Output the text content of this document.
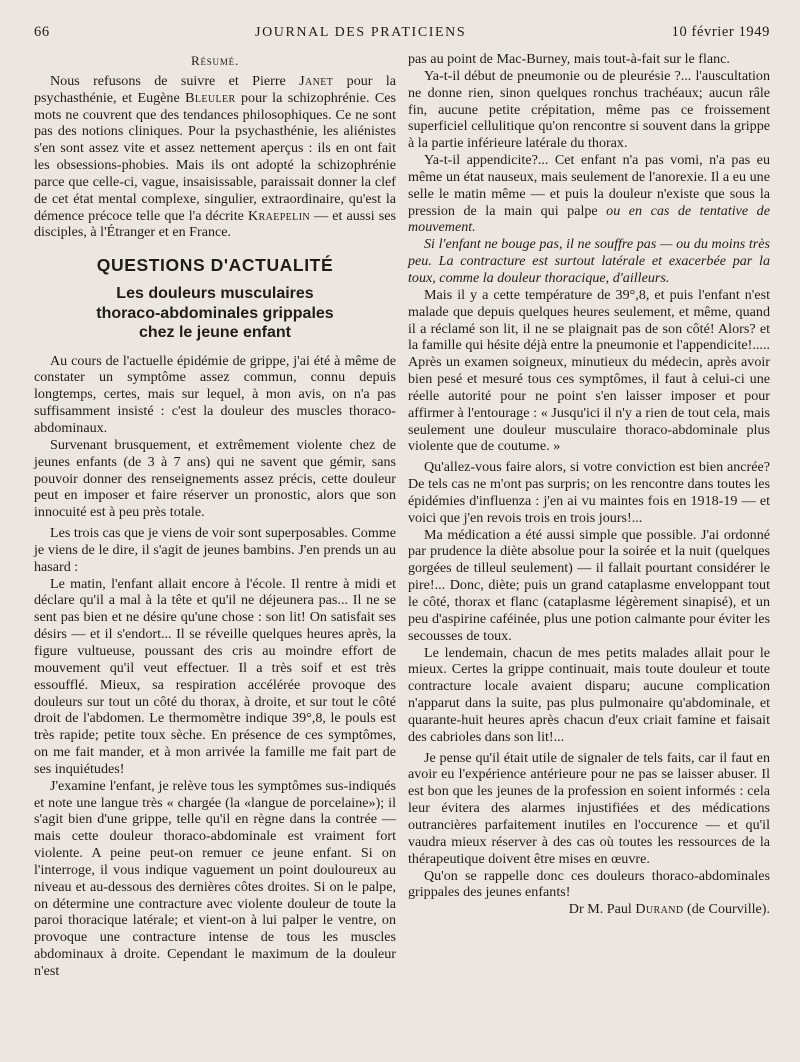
66	JOURNAL DES PRATICIENS	10 février 1949
Résumé.

Nous refusons de suivre et Pierre Janet pour la psychasthénie, et Eugène Bleuler pour la schizophrénie. Ces mots ne couvrent que des tendances philosophiques. Ce ne sont pas des notions cliniques. Pour la psychasthénie, les aliénistes s'en sont assez vite et assez nettement aperçus : ils en ont fait les obsessions-phobies. Mais ils ont adopté la schizophrénie parce que celle-ci, vague, insaisissable, paraissait donner la clef de cet état mental complexe, singulier, extraordinaire, qu'est la démence précoce telle que l'a décrite Kraepelin — et aussi ses disciples, à l'Étranger et en France.

QUESTIONS D'ACTUALITÉ
Les douleurs musculaires
thoraco-abdominales grippales
chez le jeune enfant

Au cours de l'actuelle épidémie de grippe, j'ai été à même de constater un symptôme assez commun, connu depuis longtemps, certes, mais sur lequel, à mon avis, on n'a pas suffisamment insisté : c'est la douleur des muscles thoraco-abdominaux.

Survenant brusquement, et extrêmement violente chez de jeunes enfants (de 3 à 7 ans) qui ne savent que gémir, sans pouvoir donner des renseignements assez précis, cette douleur peut en imposer et faire réserver un pronostic, alors que son innocuité est à peu près totale.

Les trois cas que je viens de voir sont superposables. Comme je viens de le dire, il s'agit de jeunes bambins. J'en prends un au hasard :

Le matin, l'enfant allait encore à l'école. Il rentre à midi et déclare qu'il a mal à la tête et qu'il ne déjeunera pas... Il ne se sent pas bien et ne désire qu'une chose : son lit! On satisfait ses désirs — et il s'endort... Il se réveille quelques heures après, la figure vultueuse, poussant des cris au moindre effort de mouvement qu'il veut effectuer. Il a très soif et est très essoufflé. Mieux, sa respiration accélérée provoque des douleurs sur tout un côté du thorax, à droite, et sur tout le côté droit de l'abdomen. Le thermomètre indique 39°,8, le pouls est très rapide; petite toux sèche. En présence de ces symptômes, on me fait mander, et à mon arrivée la famille me fait part de ses inquiétudes!

J'examine l'enfant, je relève tous les symptômes sus-indiqués et note une langue très « chargée (la «langue de porcelaine»); il s'agit bien d'une grippe, telle qu'il en règne dans la contrée — mais cette douleur thoraco-abdominale est vraiment fort violente. A peine peut-on remuer ce jeune enfant. Si on l'interroge, il vous indique vaguement un point douloureux au niveau et au-dessous des dernières côtes droites. Si on le palpe, on détermine une contracture avec violente douleur de toute la paroi thoracique latérale; et vient-on à lui palper le ventre, on provoque une contracture intense de tous les muscles abdominaux à droite. Cependant le maximum de la douleur n'est

pas au point de Mac-Burney, mais tout-à-fait sur le flanc.

Ya-t-il début de pneumonie ou de pleurésie ?... l'auscultation ne donne rien, sinon quelques ronchus trachéaux; aucun râle fin, aucune petite crépitation, même pas ce froissement superficiel cellulitique qu'on rencontre si souvent dans la grippe à la partie inférieure latérale du thorax.

Ya-t-il appendicite?... Cet enfant n'a pas vomi, n'a pas eu même un état nauseux, mais seulement de l'anorexie. Il a eu une selle le matin même — et puis la douleur n'existe que sous la pression de la main qui palpe ou en cas de tentative de mouvement.

Si l'enfant ne bouge pas, il ne souffre pas — ou du moins très peu. La contracture est surtout latérale et exacerbée par la toux, comme la douleur thoracique, d'ailleurs.

Mais il y a cette température de 39°,8, et puis l'enfant n'est malade que depuis quelques heures seulement, et même, quand il a réclamé son lit, il ne se plaignait pas de son côté! Alors? et la famille qui hésite déjà entre la pneumonie et l'appendicite!..... Après un examen soigneux, minutieux du médecin, après avoir bien pesé et mesuré tous ces symptômes, il faut à celui-ci une réelle autorité pour ne point s'en laisser imposer et pour affirmer à l'entourage : « Jusqu'ici il n'y a rien de tout cela, mais seulement une douleur musculaire thoraco-abdominale plus violente que de coutume. »

Qu'allez-vous faire alors, si votre conviction est bien ancrée? De tels cas ne m'ont pas surpris; on les rencontre dans toutes les épidémies d'influenza : j'en ai vu maintes fois en 1918-19 — et voici que j'en revois trois en trois jours!...

Ma médication a été aussi simple que possible. J'ai ordonné par prudence la diète absolue pour la soirée et la nuit (quelques gorgées de tilleul seulement) — il fallait pourtant considérer le pire!... Donc, diète; puis un grand cataplasme enveloppant tout le côté, thorax et flanc (cataplasme légèrement sinapisé), et un peu d'aspirine caféinée, plus une potion calmante pour éviter les secousses de toux.

Le lendemain, chacun de mes petits malades allait pour le mieux. Certes la grippe continuait, mais toute douleur et toute contracture locale avaient disparu; aucune complication n'apparut dans la suite, pas plus pulmonaire qu'abdominale, et quarante-huit heures après chacun d'eux criait famine et faisait des cabrioles dans son lit!...

Je pense qu'il était utile de signaler de tels faits, car il faut en avoir eu l'expérience antérieure pour ne pas se laisser abuser. Il est bon que les jeunes de la profession en soient informés : cela leur évitera des alarmes injustifiées et des médications outrancières parfaitement inutiles en l'occurence — et qu'il vaudra mieux réserver à des cas où toutes les ressources de la thérapeutique doivent être mises en œuvre.

Qu'on se rappelle donc ces douleurs thoraco-abdominales grippales des jeunes enfants!

Dr M. Paul Durand (de Courville).
